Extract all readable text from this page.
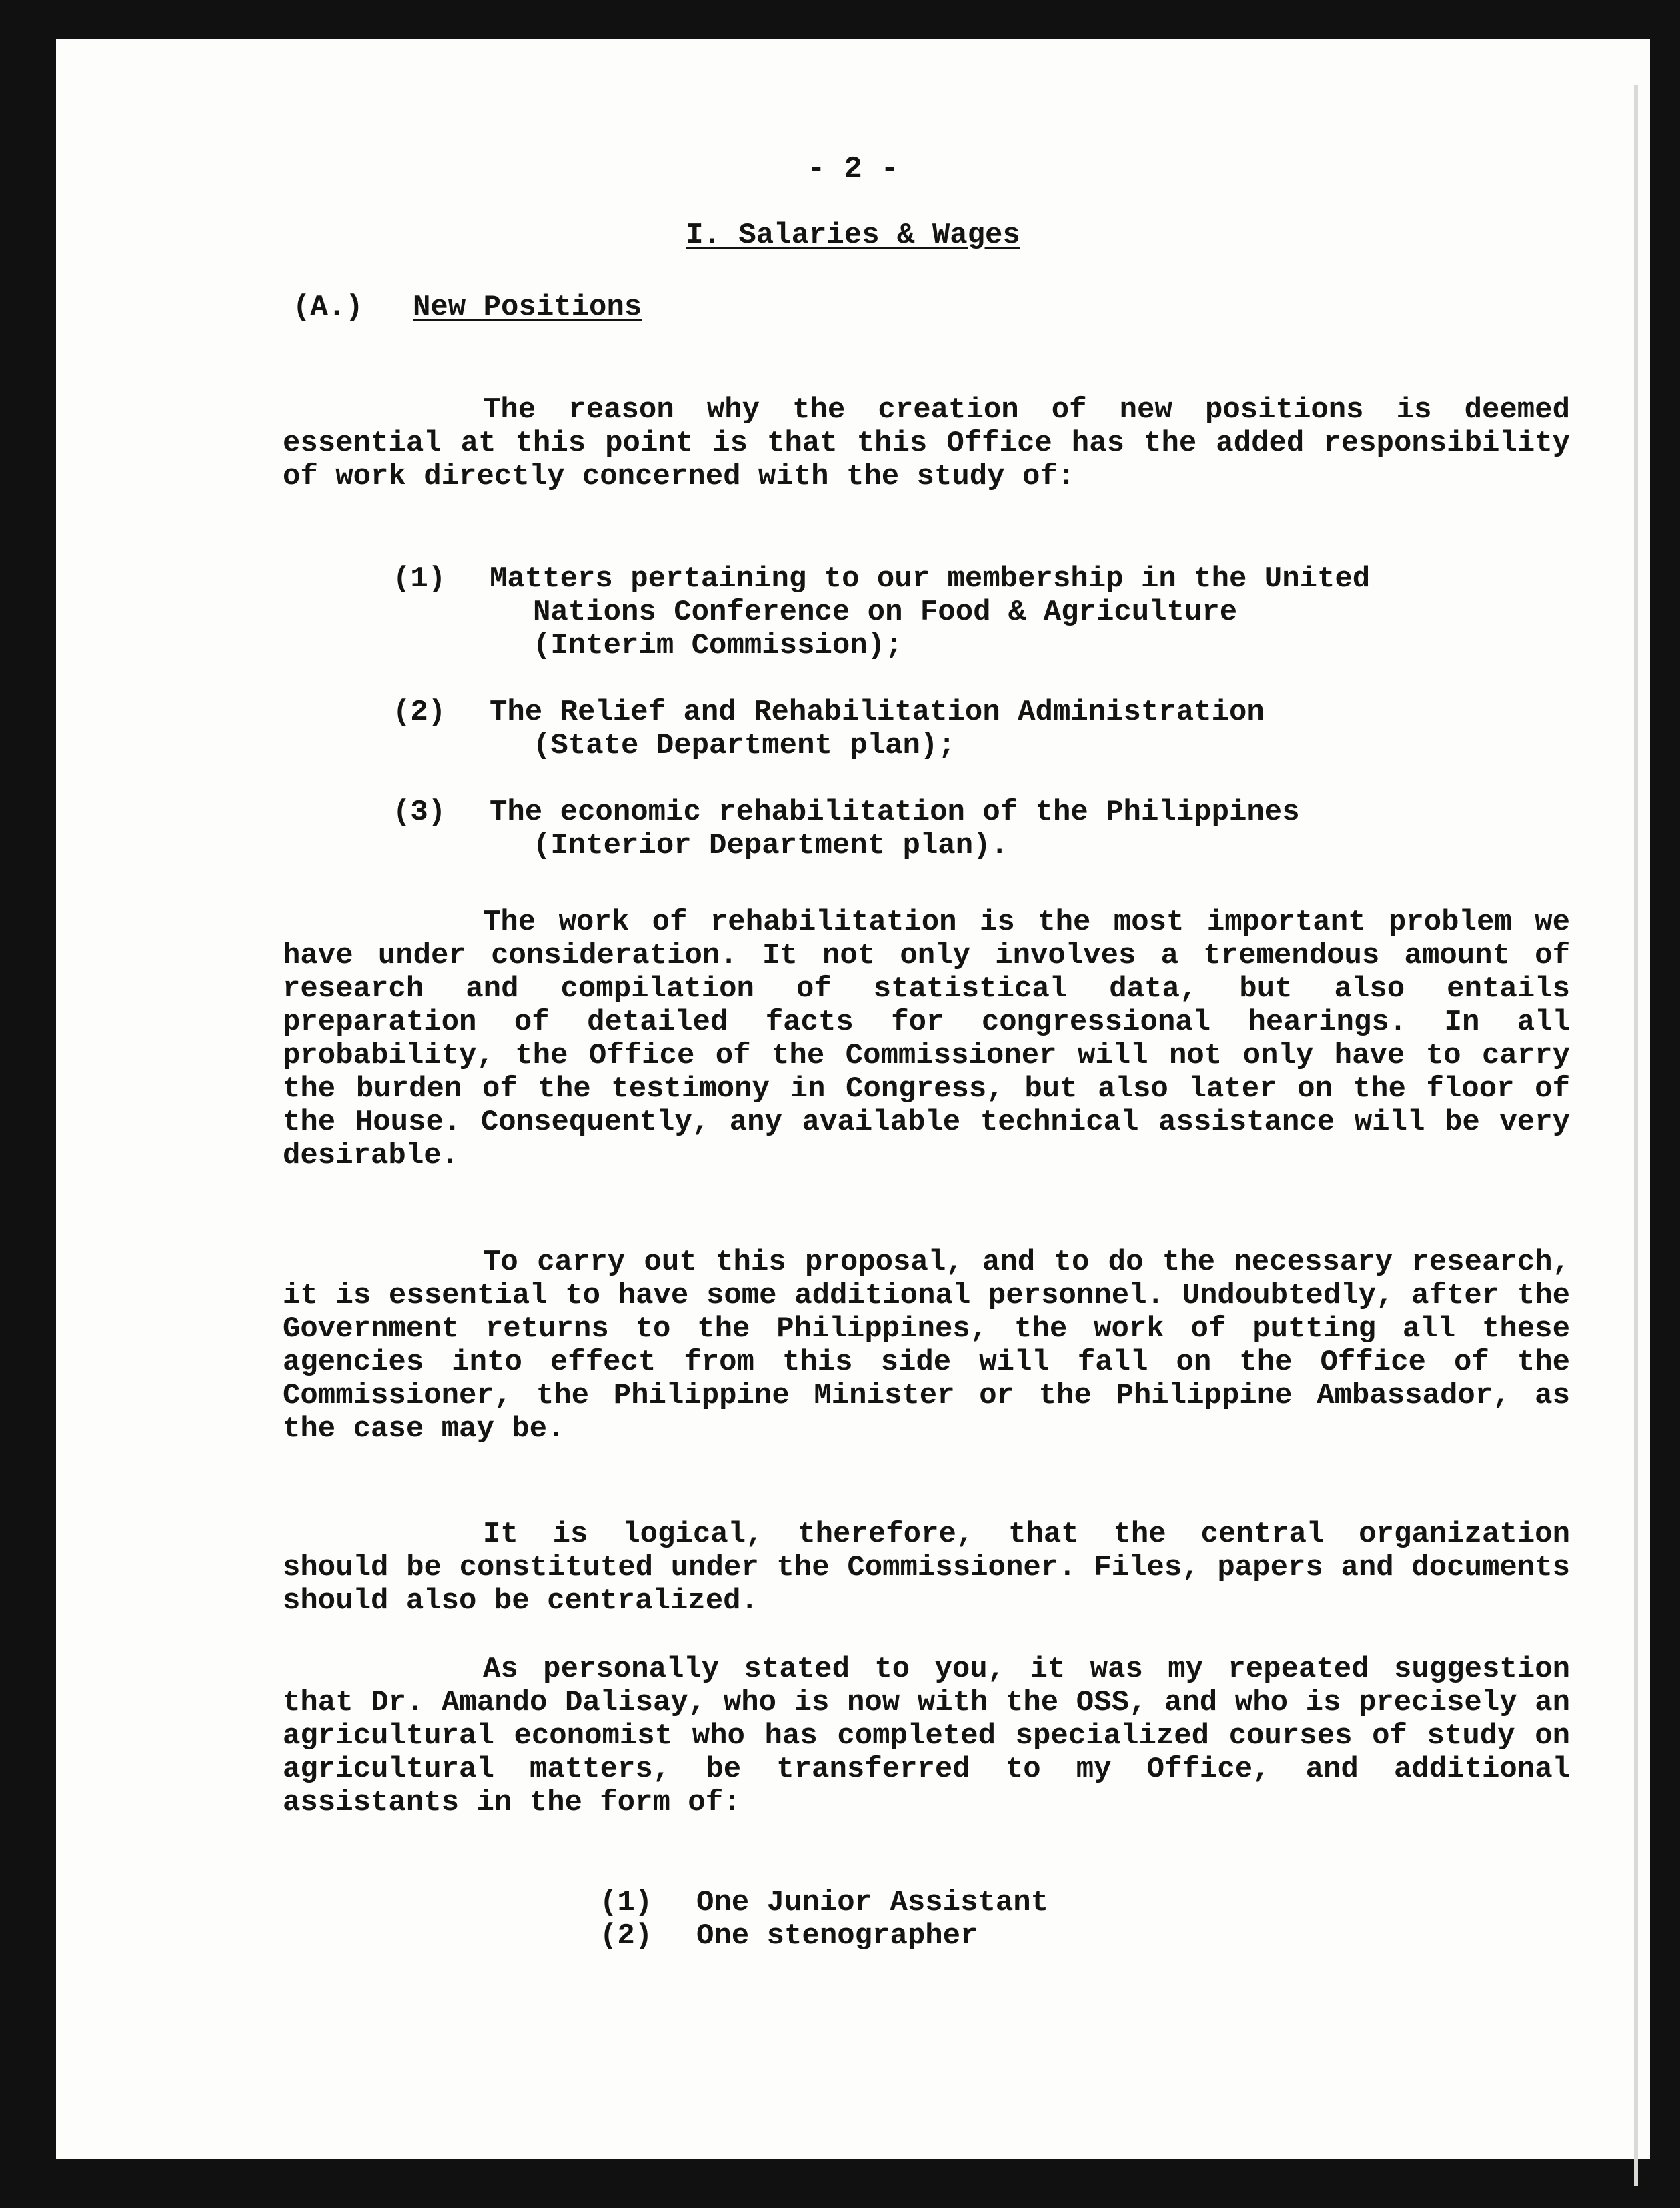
- 2 -

I. Salaries & Wages

(A.) New Positions

The reason why the creation of new positions is deemed essential at this point is that this Office has the added responsibility of work directly concerned with the study of:

(1) Matters pertaining to our membership in the United Nations Conference on Food & Agriculture (Interim Commission);
(2) The Relief and Rehabilitation Administration (State Department plan);
(3) The economic rehabilitation of the Philippines (Interior Department plan).

The work of rehabilitation is the most important problem we have under consideration. It not only involves a tremendous amount of research and compilation of statistical data, but also entails preparation of detailed facts for congressional hearings. In all probability, the Office of the Commissioner will not only have to carry the burden of the testimony in Congress, but also later on the floor of the House. Consequently, any available technical assistance will be very desirable.

To carry out this proposal, and to do the necessary research, it is essential to have some additional personnel. Undoubtedly, after the Government returns to the Philippines, the work of putting all these agencies into effect from this side will fall on the Office of the Commissioner, the Philippine Minister or the Philippine Ambassador, as the case may be.

It is logical, therefore, that the central organization should be constituted under the Commissioner. Files, papers and documents should also be centralized.

As personally stated to you, it was my repeated suggestion that Dr. Amando Dalisay, who is now with the OSS, and who is precisely an agricultural economist who has completed specialized courses of study on agricultural matters, be transferred to my Office, and additional assistants in the form of:

(1) One Junior Assistant
(2) One stenographer
